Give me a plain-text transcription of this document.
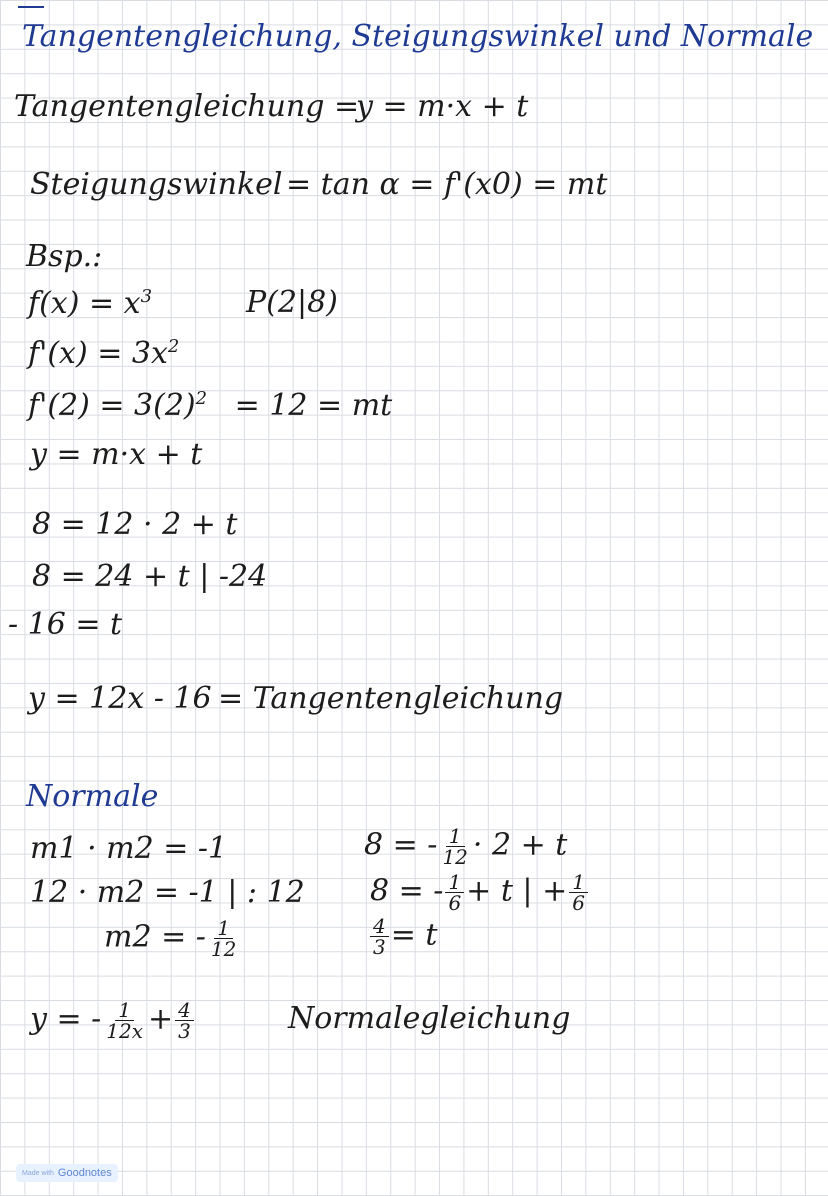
Tangentengleichung, Steigungswinkel und Normale
Tangentengleichung =
y = m·x + t
Steigungswinkel = tan α = f'(x0) = mt
Bsp.:
$f(x) = x^3$	P(2|8)
$f'(x) = 3x^2$
$f'(2) = 3(2)^2 = 12$ = mt
y = m·x + t
8 = 12 · 2 + t
8 = 24 + t | -24
- 16 = t
y = 12x - 16 = Tangentengleichung
Normale
m1 · m2 = -1
12 · m2 = -1 | : 12
m2 = - $\frac{1}{12}$
8 = - $\frac{1}{12} \cdot 2 + t$
8 = - $\frac{1}{6} + t$ | + $\frac{1}{6}$
$\frac{4}{3} = t$
y = - $\frac{1}{12x} + \frac{4}{3}$	Normalegleichung
Made with Goodnotes
